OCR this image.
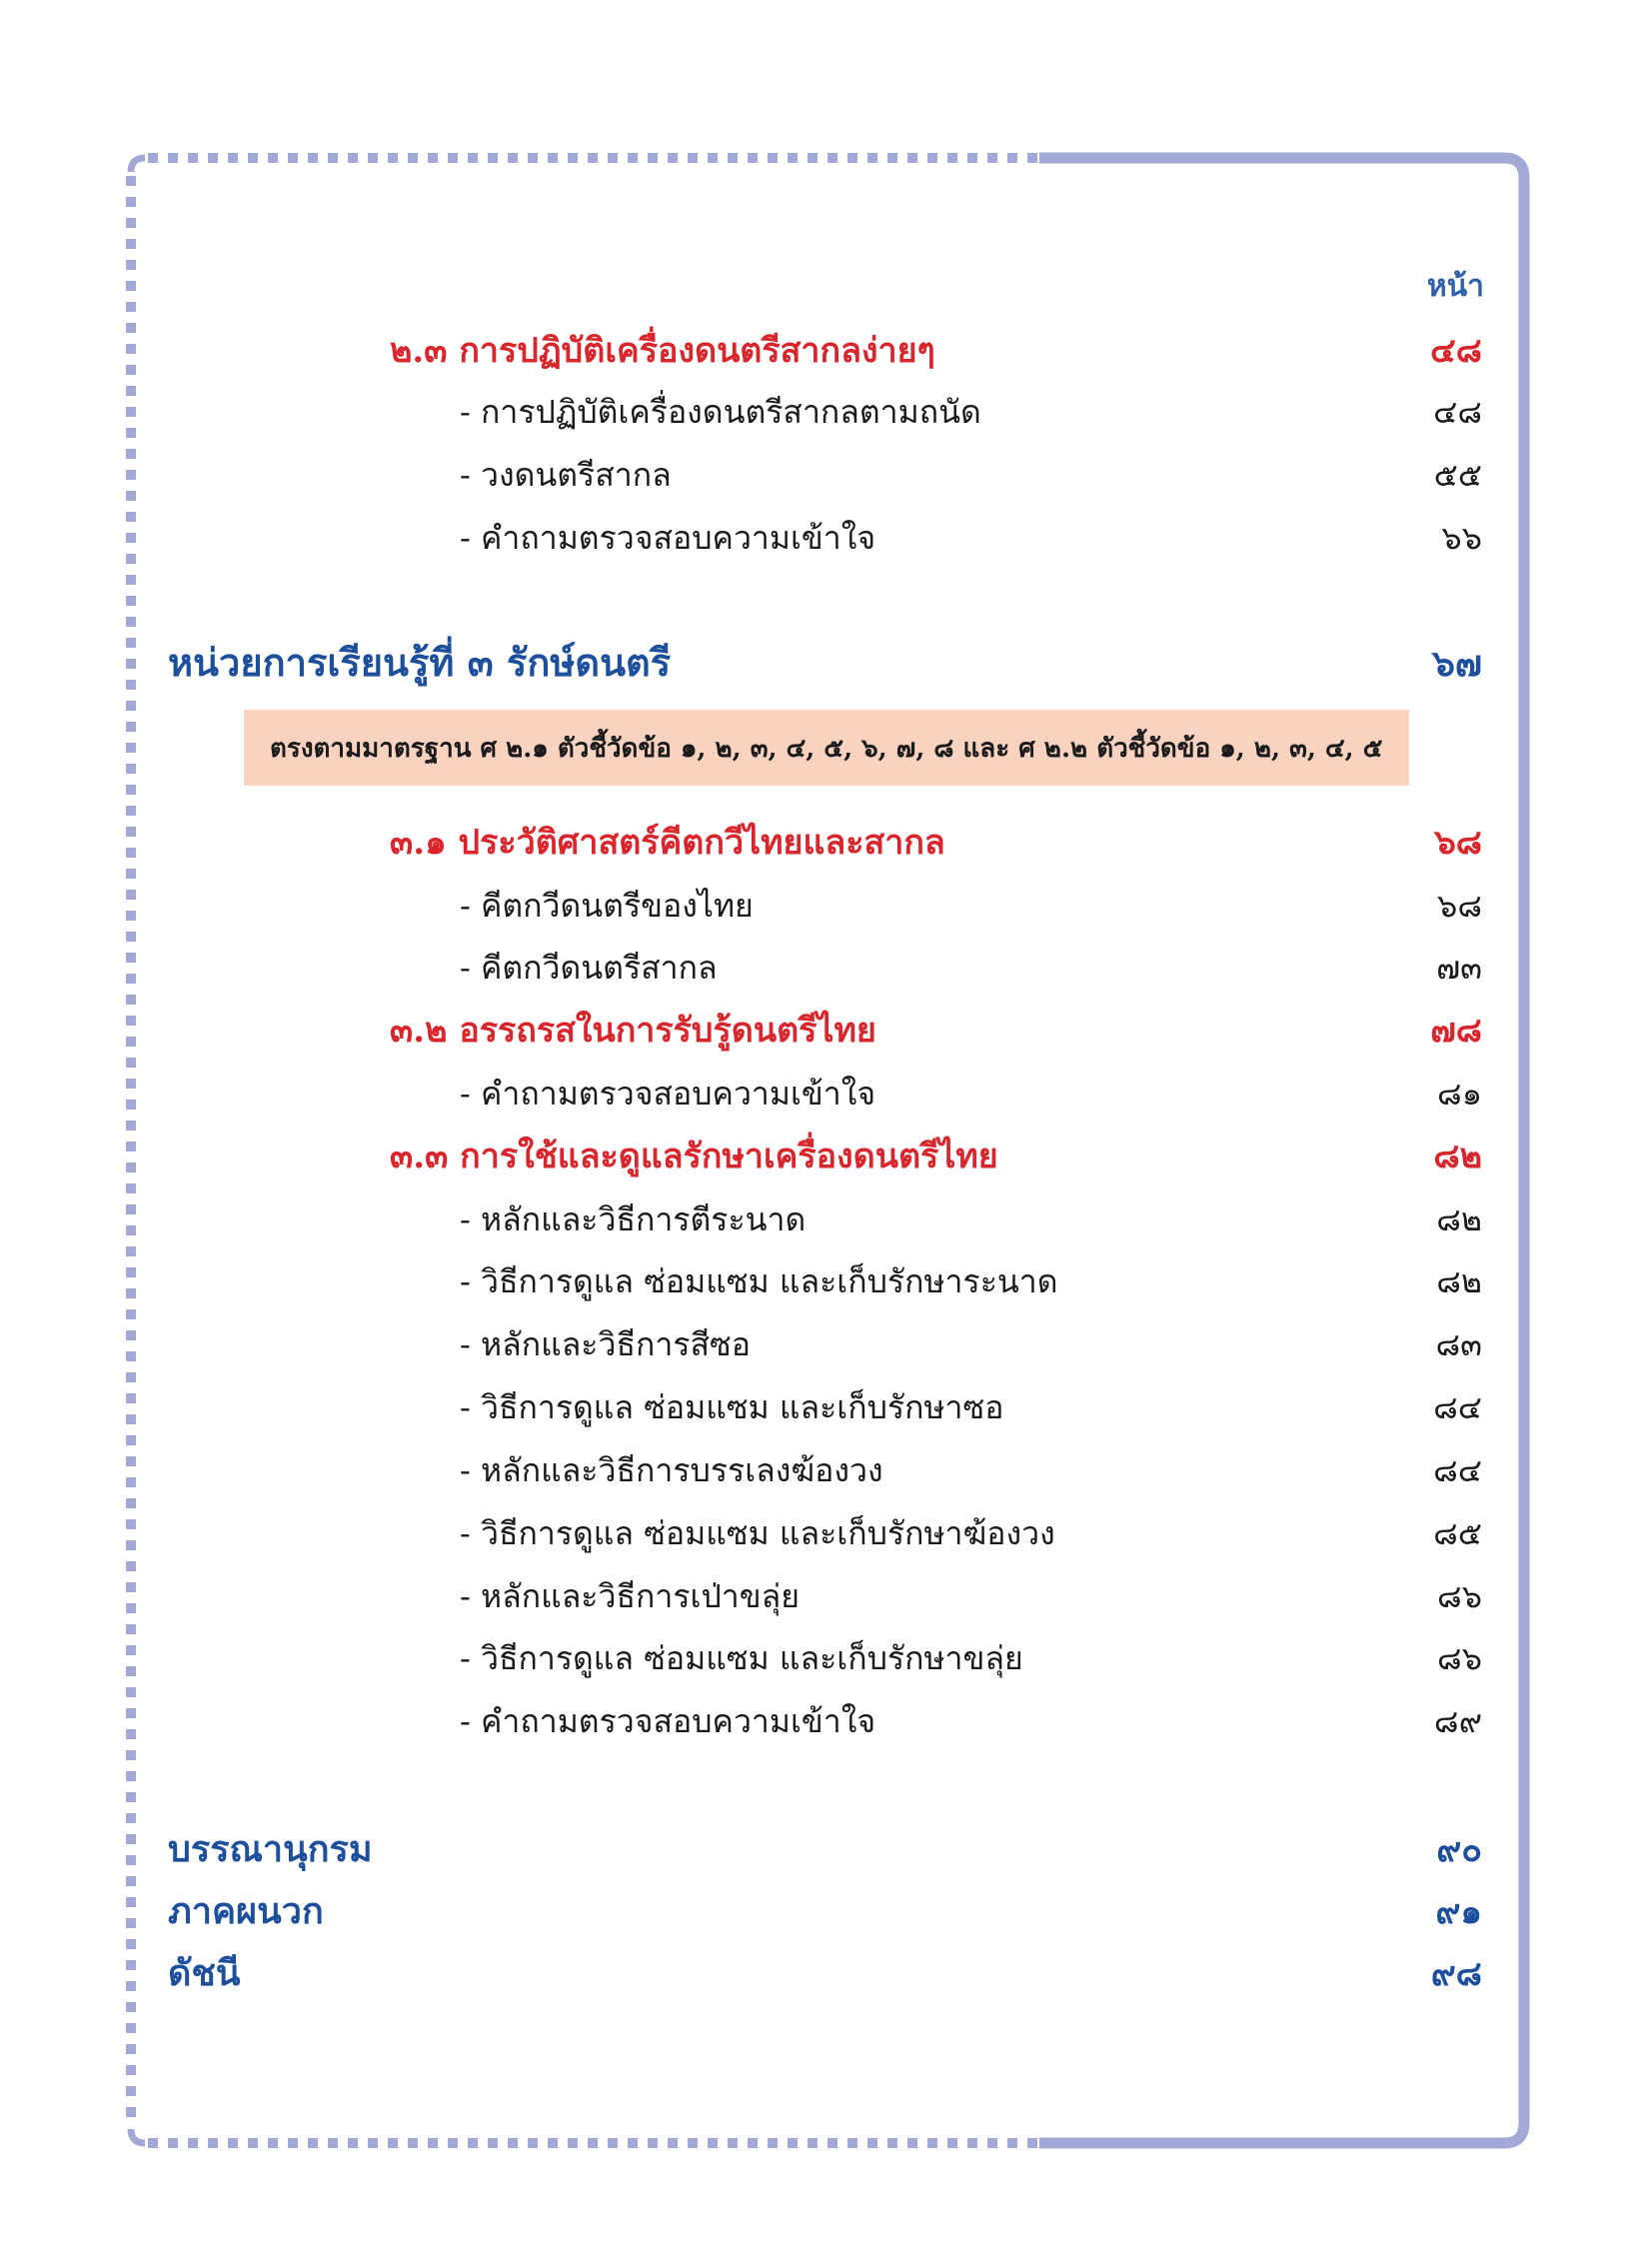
หน้า
๒.๓ การปฏิบัติเครื่องดนตรีสากลง่ายๆ	๔๘
- การปฏิบัติเครื่องดนตรีสากลตามถนัด	๔๘
- วงดนตรีสากล	๕๕
- คำถามตรวจสอบความเข้าใจ	๖๖
หน่วยการเรียนรู้ที่ ๓ รักษ์ดนตรี	๖๗
ตรงตามมาตรฐาน ศ ๒.๑ ตัวชี้วัดข้อ ๑, ๒, ๓, ๔, ๕, ๖, ๗, ๘ และ ศ ๒.๒ ตัวชี้วัดข้อ ๑, ๒, ๓, ๔, ๕
๓.๑ ประวัติศาสตร์คีตกวีไทยและสากล	๖๘
- คีตกวีดนตรีของไทย	๖๘
- คีตกวีดนตรีสากล	๗๓
๓.๒ อรรถรสในการรับรู้ดนตรีไทย	๗๘
- คำถามตรวจสอบความเข้าใจ	๘๑
๓.๓ การใช้และดูแลรักษาเครื่องดนตรีไทย	๘๒
- หลักและวิธีการตีระนาด	๘๒
- วิธีการดูแล ซ่อมแซม และเก็บรักษาระนาด	๘๒
- หลักและวิธีการสีซอ	๘๓
- วิธีการดูแล ซ่อมแซม และเก็บรักษาซอ	๘๔
- หลักและวิธีการบรรเลงฆ้องวง	๘๔
- วิธีการดูแล ซ่อมแซม และเก็บรักษาฆ้องวง	๘๕
- หลักและวิธีการเป่าขลุ่ย	๘๖
- วิธีการดูแล ซ่อมแซม และเก็บรักษาขลุ่ย	๘๖
- คำถามตรวจสอบความเข้าใจ	๘๙
บรรณานุกรม	๙๐
ภาคผนวก	๙๑
ดัชนี	๙๘
